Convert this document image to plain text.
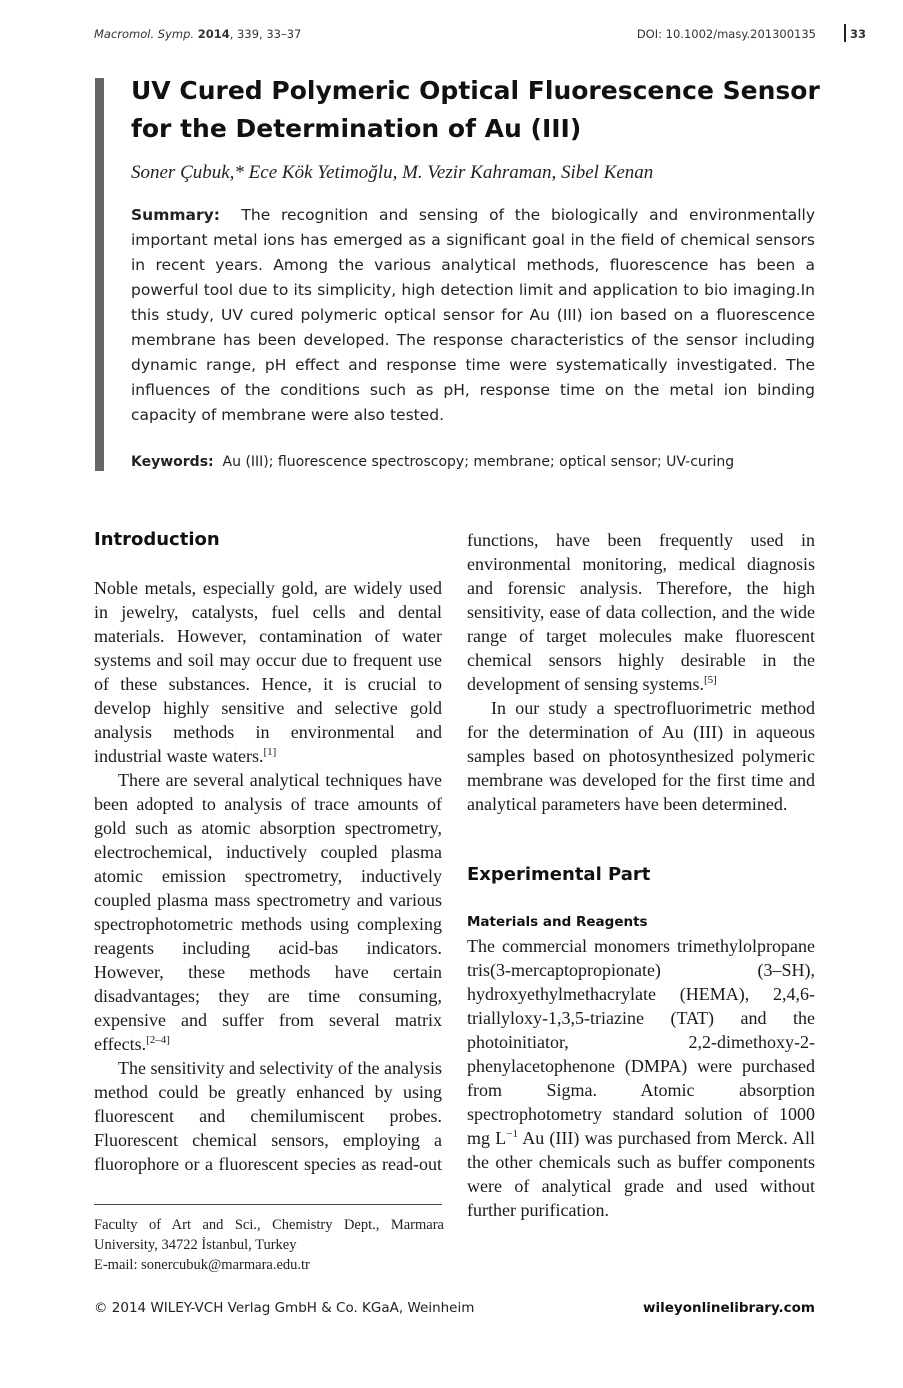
Macromol. Symp. 2014, 339, 33–37	DOI: 10.1002/masy.201300135	33
UV Cured Polymeric Optical Fluorescence Sensor for the Determination of Au (III)
Soner Çubuk,* Ece Kök Yetimoğlu, M. Vezir Kahraman, Sibel Kenan

Summary: The recognition and sensing of the biologically and environmentally important metal ions has emerged as a significant goal in the field of chemical sensors in recent years. Among the various analytical methods, fluorescence has been a powerful tool due to its simplicity, high detection limit and application to bio imaging.In this study, UV cured polymeric optical sensor for Au (III) ion based on a fluorescence membrane has been developed. The response characteristics of the sensor including dynamic range, pH effect and response time were systematically investigated. The influences of the conditions such as pH, response time on the metal ion binding capacity of membrane were also tested.

Keywords: Au (III); fluorescence spectroscopy; membrane; optical sensor; UV-curing
Introduction

Noble metals, especially gold, are widely used in jewelry, catalysts, fuel cells and dental materials. However, contamination of water systems and soil may occur due to frequent use of these substances. Hence, it is crucial to develop highly sensitive and selective gold analysis methods in environmental and industrial waste waters.[1]

There are several analytical techniques have been adopted to analysis of trace amounts of gold such as atomic absorption spectrometry, electrochemical, inductively coupled plasma atomic emission spectrometry, inductively coupled plasma mass spectrometry and various spectrophotometric methods using complexing reagents including acid-bas indicators. However, these methods have certain disadvantages; they are time consuming, expensive and suffer from several matrix effects.[2–4]

The sensitivity and selectivity of the analysis method could be greatly enhanced by using fluorescent and chemilumiscent probes. Fluorescent chemical sensors, employing a fluorophore or a fluorescent species as read-out

Faculty of Art and Sci., Chemistry Dept., Marmara University, 34722 İstanbul, Turkey
E-mail: sonercubuk@marmara.edu.tr
© 2014 WILEY-VCH Verlag GmbH & Co. KGaA, Weinheim	wileyonlinelibrary.com

functions, have been frequently used in environmental monitoring, medical diagnosis and forensic analysis. Therefore, the high sensitivity, ease of data collection, and the wide range of target molecules make fluorescent chemical sensors highly desirable in the development of sensing systems.[5]

In our study a spectrofluorimetric method for the determination of Au (III) in aqueous samples based on photosynthesized polymeric membrane was developed for the first time and analytical parameters have been determined.

Experimental Part
Materials and Reagents

The commercial monomers trimethylolpropane tris(3-mercaptopropionate) (3–SH), hydroxyethylmethacrylate (HEMA), 2,4,6-triallyloxy-1,3,5-triazine (TAT) and the photoinitiator, 2,2-dimethoxy-2-phenylacetophenone (DMPA) were purchased from Sigma. Atomic absorption spectrophotometry standard solution of 1000 mg $L^{-1}$ Au (III) was purchased from Merck. All the other chemicals such as buffer components were of analytical grade and used without further purification.
